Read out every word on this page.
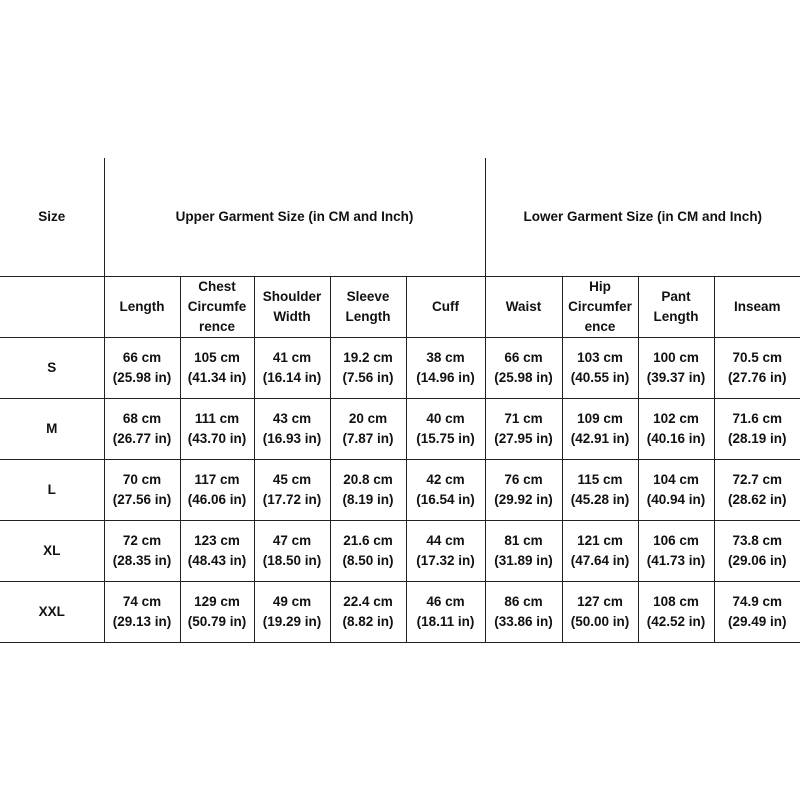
Size	Upper Garment Size (in CM and Inch)					Lower Garment Size (in CM and Inch)			

	Length	Chest
Circumfe
rence	Shoulder
Width	Sleeve
Length	Cuff	Waist	Hip
Circumfer
ence	Pant
Length	Inseam

S	66 cm
(25.98 in)	105 cm
(41.34 in)	41 cm
(16.14 in)	19.2 cm
(7.56 in)	38 cm
(14.96 in)	66 cm
(25.98 in)	103 cm
(40.55 in)	100 cm
(39.37 in)	70.5 cm
(27.76 in)

M	68 cm
(26.77 in)	111 cm
(43.70 in)	43 cm
(16.93 in)	20 cm
(7.87 in)	40 cm
(15.75 in)	71 cm
(27.95 in)	109 cm
(42.91 in)	102 cm
(40.16 in)	71.6 cm
(28.19 in)

L	70 cm
(27.56 in)	117 cm
(46.06 in)	45 cm
(17.72 in)	20.8 cm
(8.19 in)	42 cm
(16.54 in)	76 cm
(29.92 in)	115 cm
(45.28 in)	104 cm
(40.94 in)	72.7 cm
(28.62 in)

XL	72 cm
(28.35 in)	123 cm
(48.43 in)	47 cm
(18.50 in)	21.6 cm
(8.50 in)	44 cm
(17.32 in)	81 cm
(31.89 in)	121 cm
(47.64 in)	106 cm
(41.73 in)	73.8 cm
(29.06 in)

XXL	74 cm
(29.13 in)	129 cm
(50.79 in)	49 cm
(19.29 in)	22.4 cm
(8.82 in)	46 cm
(18.11 in)	86 cm
(33.86 in)	127 cm
(50.00 in)	108 cm
(42.52 in)	74.9 cm
(29.49 in)
